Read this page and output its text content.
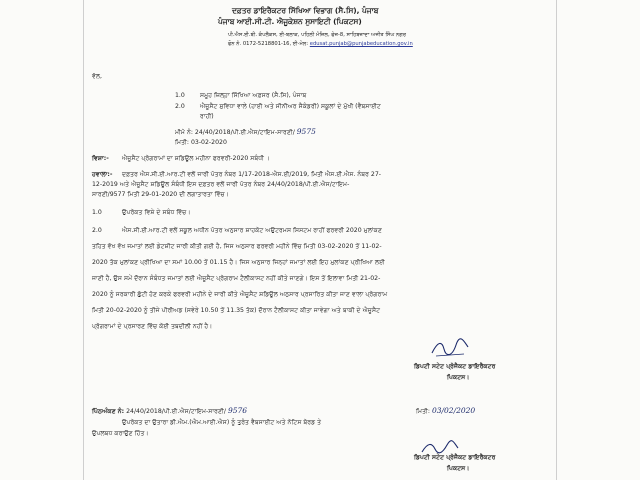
ਦਫ਼ਤਰ ਡਾਇਰੈਕਟਰ ਸਿੱਖਿਆ ਵਿਭਾਗ (ਸੈ.ਸਿ), ਪੰਜਾਬ
ਪੰਜਾਬ ਆਈ.ਸੀ.ਟੀ. ਐਜੂਕੇਸ਼ਨ ਸੁਸਾਇਟੀ (ਪਿਕਟਸ)
ਪੀ.ਐਸ.ਈ.ਬੀ. ਕੰਪਲੈਕਸ, ਈ-ਬਲਾਕ, ਪਹਿਲੀ ਮੰਜ਼ਿਲ, ਫੇਜ਼-8, ਸਾਹਿਬਜ਼ਾਦਾ ਅਜੀਤ ਸਿੰਘ ਨਗਰ
ਫੋਨ ਨੰ. 0172-5218801-16, ਈ-ਮੇਲ: edusat.punjab@punjabeducation.gov.in
ਵੱਲ,
1.0 ਸਮੂਹ ਜ਼ਿਲ੍ਹਾ ਸਿੱਖਿਆ ਅਫ਼ਸਰ (ਸੈ.ਸਿ), ਪੰਜਾਬ
2.0 ਐਜੂਸੈਟ ਸੁਵਿਧਾ ਵਾਲੇ (ਹਾਈ ਅਤੇ ਸੀਨੀਅਰ ਸੈਕੰਡਰੀ) ਸਕੂਲਾਂ ਦੇ ਮੁੱਖੀ (ਵੈਬਸਾਈਟ
ਰਾਹੀਂ)
ਮੀਮੋ ਨੰ: 24/40/2018/ਪੀ.ਈ.ਐਸ/ਟਾਇਮ-ਸਾਰਣੀ/ 9575
ਮਿਤੀ: 03-02-2020
ਵਿਸ਼ਾ:- ਐਜੂਸੈਟ ਪ੍ਰੋਗਰਾਮਾਂ ਦਾ ਸ਼ਡਿਊਲ ਮਹੀਨਾ ਫਰਵਰੀ-2020 ਸਬੰਧੀ ।
ਹਵਾਲਾ:- ਦਫ਼ਤਰ ਐਸ.ਸੀ.ਈ.ਆਰ.ਟੀ ਵਲੋਂ ਜਾਰੀ ਪੱਤਰ ਨੰਬਰ 1/17-2018-ਐਸ.ਈ/2019, ਮਿਤੀ ਐਸ.ਈ.ਐਸ. ਨੰਬਰ 27-
12-2019 ਅਤੇ ਐਜੂਸੈਟ ਸ਼ਡਿਊਲ ਸੰਬੰਧੀ ਇਸ ਦਫ਼ਤਰ ਵਲੋਂ ਜਾਰੀ ਪੱਤਰ ਨੰਬਰ 24/40/2018/ਪੀ.ਈ.ਐਸ/ਟਾਇਮ-
ਸਾਰਣੀ/9577 ਮਿਤੀ 29-01-2020 ਦੀ ਲਗਾਤਾਰਤਾ ਵਿੱਚ।
1.0	ਉਪਰੋਕਤ ਵਿਸ਼ੇ ਦੇ ਸਬੰਧ ਵਿੱਚ।
2.0	ਐਸ.ਸੀ.ਈ.ਆਰ.ਟੀ ਵਲੋਂ ਸਕੂਲ ਅਧੀਨ ਪੱਤਰ ਅਨੁਸਾਰ ਸ਼ਾਹਕੋਟ ਅਉਟਰਮਸ ਸਿਸਟਮ ਰਾਹੀਂ ਫਰਵਰੀ 2020 ਮੁਲਾਂਕਣ
ਤਹਿਤ ਵੱਖ ਵੱਖ ਜਮਾਤਾਂ ਲਈ ਡੇਟਸ਼ੀਟ ਜਾਰੀ ਕੀਤੀ ਗਈ ਹੈ, ਜਿਸ ਅਨੁਸਾਰ ਫਰਵਰੀ ਮਹੀਨੇ ਵਿੱਚ ਮਿਤੀ 03-02-2020 ਤੋਂ 11-02-
2020 ਤੱਕ ਮੁਲਾਂਕਣ ਪ੍ਰੀਖਿਆ ਦਾ ਸਮਾਂ 10.00 ਤੋਂ 01.15 ਹੈ। ਜਿਸ ਅਨੁਸਾਰ ਜਿਨ੍ਹਾਂ ਜਮਾਤਾਂ ਲਈ ਇਹ ਮੁਲਾਂਕਣ ਪ੍ਰੀਖਿਆ ਲਈ
ਜਾਣੀ ਹੈ, ਉਸ ਸਮੇਂ ਦੌਰਾਨ ਸੰਬੰਧਤ ਜਮਾਤਾਂ ਲਈ ਐਜੂਸੈਟ ਪ੍ਰੋਗਰਾਮ ਟੈਲੀਕਾਸਟ ਨਹੀਂ ਕੀਤੇ ਜਾਣਗੇ। ਇਸ ਤੋਂ ਇਲਾਵਾ ਮਿਤੀ 21-02-
2020 ਨੂੰ ਸਰਕਾਰੀ ਛੁੱਟੀ ਹੋਣ ਕਰਕੇ ਫਰਵਰੀ ਮਹੀਨੇ ਦੇ ਜਾਰੀ ਕੀਤੇ ਐਜੂਸੈਟ ਸ਼ਡਿਊਲ ਅਨੁਸਾਰ ਪ੍ਰਸਾਰਿਤ ਕੀਤਾ ਜਾਣ ਵਾਲਾ ਪ੍ਰੋਗਰਾਮ
ਮਿਤੀ 20-02-2020 ਨੂੰ ਤੀਜੇ ਪੀਰੀਅਡ (ਸਵੇਰੇ 10.50 ਤੋਂ 11.35 ਤੱਕ) ਦੌਰਾਨ ਟੈਲੀਕਾਸਟ ਕੀਤਾ ਜਾਵੇਗਾ ਅਤੇ ਬਾਕੀ ਦੇ ਐਜੂਸੈਟ
ਪ੍ਰੋਗਰਾਮਾਂ ਦੇ ਪ੍ਰਸਾਰਣ ਵਿੱਚ ਕੋਈ ਤਬਦੀਲੀ ਨਹੀਂ ਹੈ।
ਡਿਪਟੀ ਸਟੇਟ ਪ੍ਰੋਜੈਕਟ ਡਾਇਰੈਕਟਰ
ਪਿਕਟਸ।
ਪਿੱਠਅੰਕਣ ਨੰ: 24/40/2018/ਪੀ.ਈ.ਐਸ/ਟਾਇਮ-ਸਾਰਣੀ/ 9576	ਮਿਤੀ: 03/02/2020
ਉਪਰੋਕਤ ਦਾ ਉਤਾਰਾ ਡੀ.ਐਮ.(ਐਮ.ਆਈ.ਐਸ) ਨੂੰ ਤੁਰੰਤ ਵੈਬਸਾਈਟ ਅਤੇ ਨੋਟਿਸ ਬੋਰਡ ਤੇ
ਉਪਲਬਧ ਕਰਾਉਣ ਹਿੱਤ।
ਡਿਪਟੀ ਸਟੇਟ ਪ੍ਰੋਜੈਕਟ ਡਾਇਰੈਕਟਰ
ਪਿਕਟਸ।
